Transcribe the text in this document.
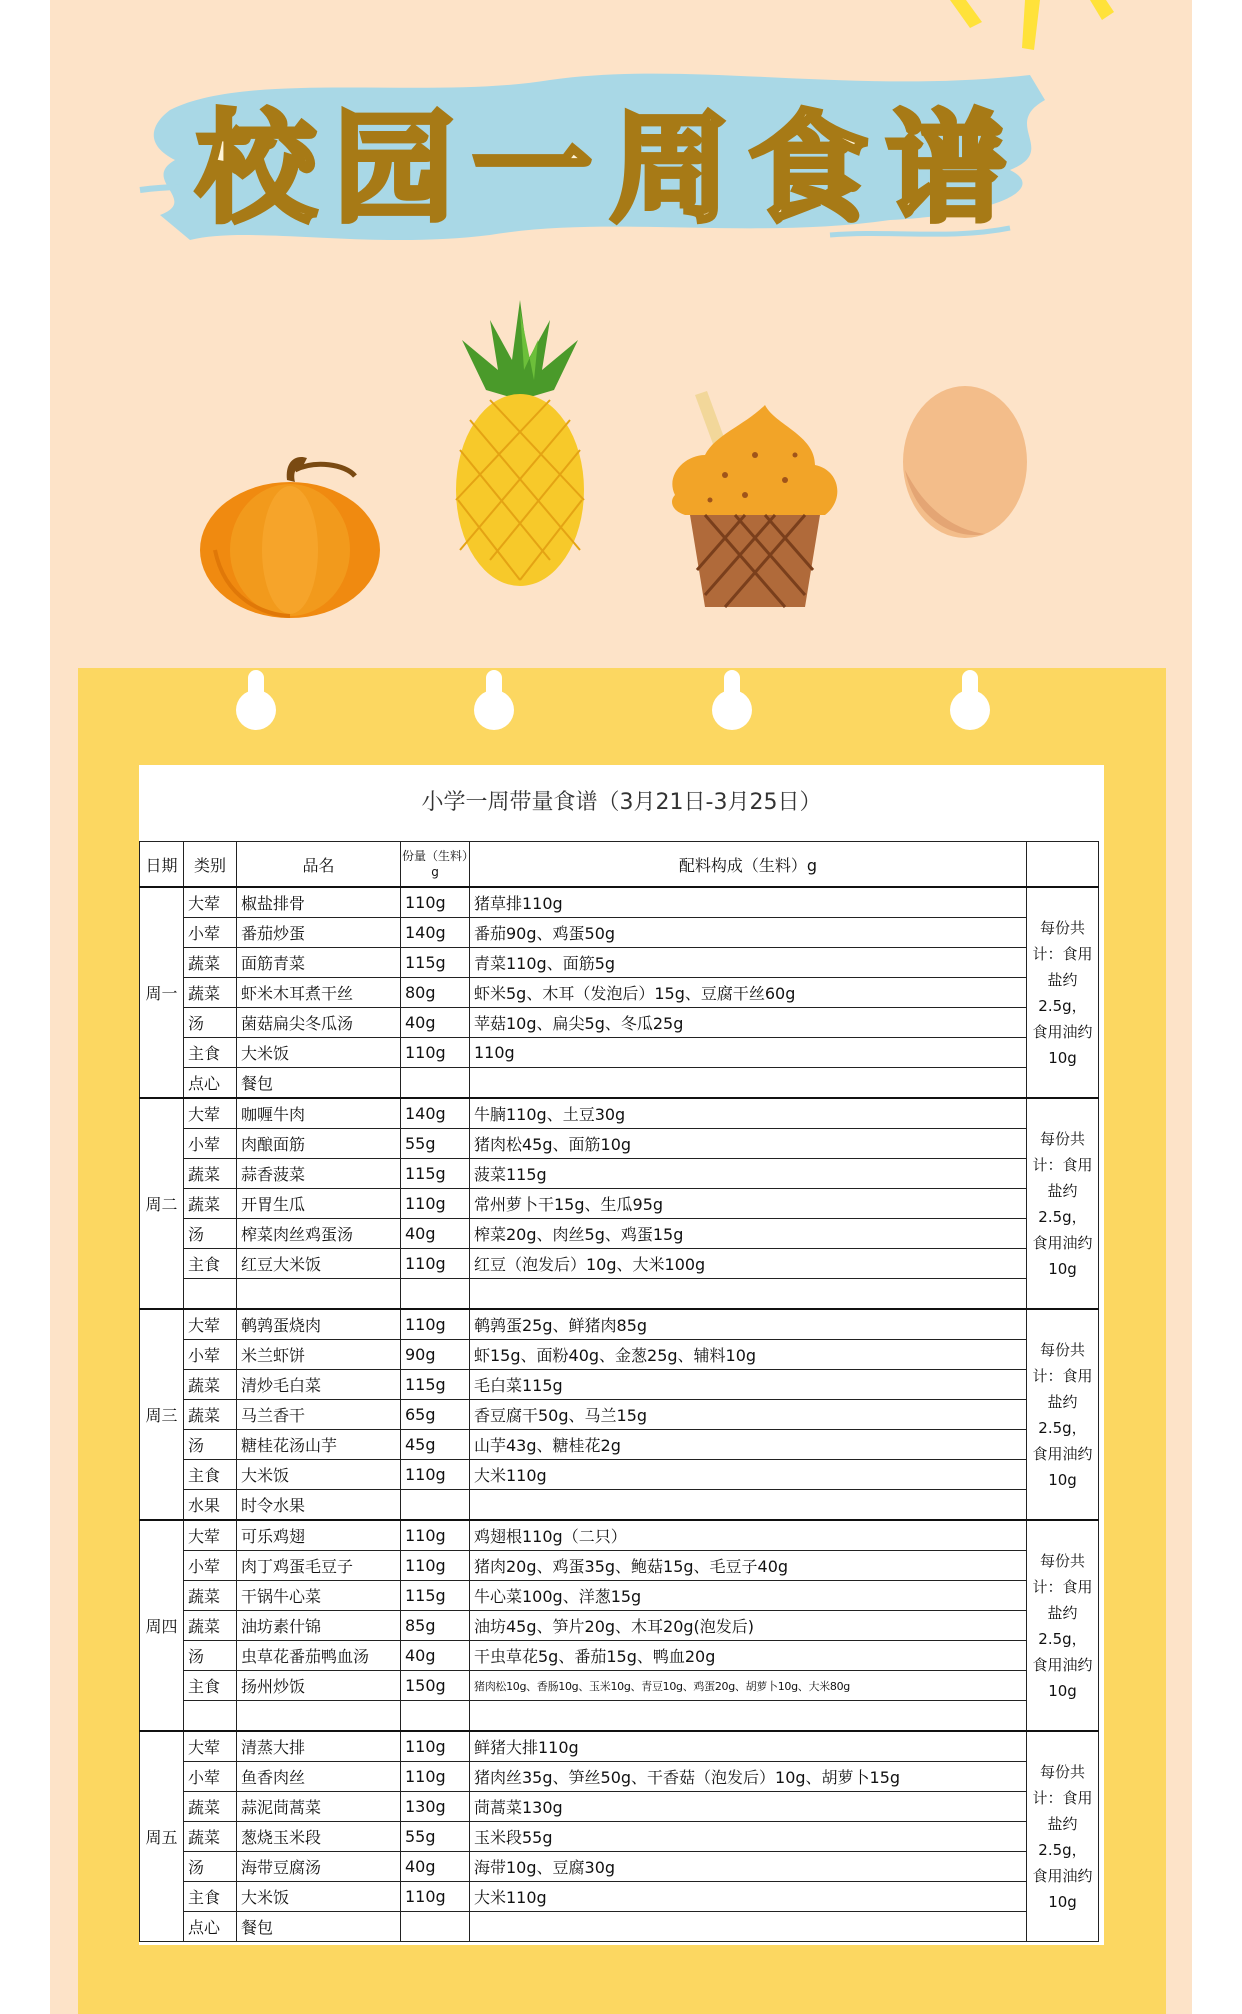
校园一周食谱
小学一周带量食谱（3月21日-3月25日）
日期	类别	品名	份量（生料）g	配料构成（生料）g	
周一	大荤	椒盐排骨	110g	猪草排110g	每份共计：食用盐约2.5g，食用油约10g
	小荤	番茄炒蛋	140g	番茄90g、鸡蛋50g	
	蔬菜	面筋青菜	115g	青菜110g、面筋5g	
	蔬菜	虾米木耳煮干丝	80g	虾米5g、木耳（发泡后）15g、豆腐干丝60g	
	汤	菌菇扁尖冬瓜汤	40g	苹菇10g、扁尖5g、冬瓜25g	
	主食	大米饭	110g	110g	
	点心	餐包			
周二	大荤	咖喱牛肉	140g	牛腩110g、土豆30g	每份共计：食用盐约2.5g，食用油约10g
	小荤	肉酿面筋	55g	猪肉松45g、面筋10g	
	蔬菜	蒜香菠菜	115g	菠菜115g	
	蔬菜	开胃生瓜	110g	常州萝卜干15g、生瓜95g	
	汤	榨菜肉丝鸡蛋汤	40g	榨菜20g、肉丝5g、鸡蛋15g	
	主食	红豆大米饭	110g	红豆（泡发后）10g、大米100g	

周三	大荤	鹌鹑蛋烧肉	110g	鹌鹑蛋25g、鲜猪肉85g	每份共计：食用盐约2.5g，食用油约10g
	小荤	米兰虾饼	90g	虾15g、面粉40g、金葱25g、辅料10g	
	蔬菜	清炒毛白菜	115g	毛白菜115g	
	蔬菜	马兰香干	65g	香豆腐干50g、马兰15g	
	汤	糖桂花汤山芋	45g	山芋43g、糖桂花2g	
	主食	大米饭	110g	大米110g	
	水果	时令水果			
周四	大荤	可乐鸡翅	110g	鸡翅根110g（二只）	每份共计：食用盐约2.5g，食用油约10g
	小荤	肉丁鸡蛋毛豆子	110g	猪肉20g、鸡蛋35g、鲍菇15g、毛豆子40g	
	蔬菜	干锅牛心菜	115g	牛心菜100g、洋葱15g	
	蔬菜	油坊素什锦	85g	油坊45g、笋片20g、木耳20g(泡发后)	
	汤	虫草花番茄鸭血汤	40g	干虫草花5g、番茄15g、鸭血20g	
	主食	扬州炒饭	150g	猪肉松10g、香肠10g、玉米10g、青豆10g、鸡蛋20g、胡萝卜10g、大米80g	

周五	大荤	清蒸大排	110g	鲜猪大排110g	每份共计：食用盐约2.5g，食用油约10g
	小荤	鱼香肉丝	110g	猪肉丝35g、笋丝50g、干香菇（泡发后）10g、胡萝卜15g	
	蔬菜	蒜泥茼蒿菜	130g	茼蒿菜130g	
	蔬菜	葱烧玉米段	55g	玉米段55g	
	汤	海带豆腐汤	40g	海带10g、豆腐30g	
	主食	大米饭	110g	大米110g	
	点心	餐包			
